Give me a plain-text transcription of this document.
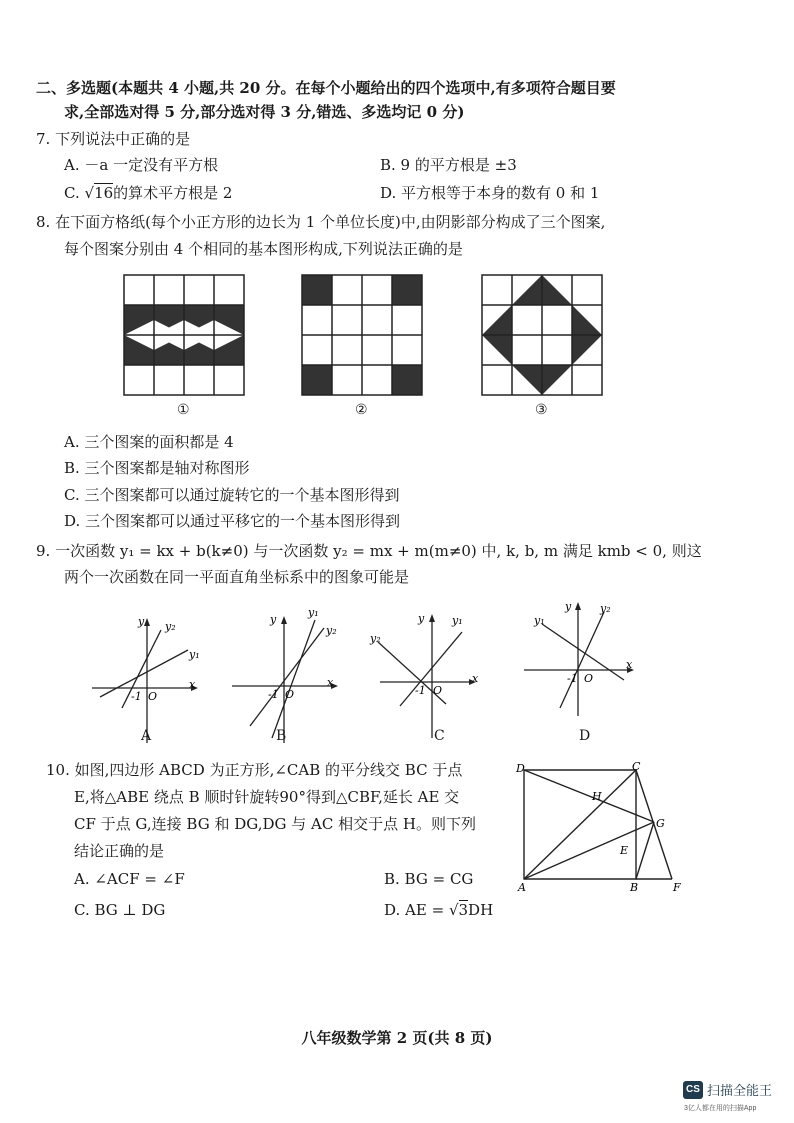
二、多选题(本题共 4 小题,共 20 分。在每个小题给出的四个选项中,有多项符合题目要
求,全部选对得 5 分,部分选对得 3 分,错选、多选均记 0 分)
7. 下列说法中正确的是
A. －a 一定没有平方根	B. 9 的平方根是 ±3
C. √16的算术平方根是 2	D. 平方根等于本身的数有 0 和 1
8. 在下面方格纸(每个小正方形的边长为 1 个单位长度)中,由阴影部分构成了三个图案,
每个图案分别由 4 个相同的基本图形构成,下列说法正确的是
①	②	③
A. 三个图案的面积都是 4
B. 三个图案都是轴对称图形
C. 三个图案都可以通过旋转它的一个基本图形得到
D. 三个图案都可以通过平移它的一个基本图形得到
9. 一次函数 y₁ = kx + b(k≠0) 与一次函数 y₂ = mx + m(m≠0) 中, k, b, m 满足 kmb < 0, 则这
两个一次函数在同一平面直角坐标系中的图象可能是
y y₂
y₁
x
-1 O
A
y
y₁
y₂
x
-1 O
B
y₂
y	y₁
x
-1 O
C
y₁
y	y₂
x
-1 O
D
10. 如图,四边形 ABCD 为正方形,∠CAB 的平分线交 BC 于点
E,将△ABE 绕点 B 顺时针旋转90°得到△CBF,延长 AE 交
CF 于点 G,连接 BG 和 DG,DG 与 AC 相交于点 H。则下列
结论正确的是
A. ∠ACF = ∠F	B. BG = CG
C. BG ⊥ DG	D. AE = √3DH
D	C
H
G
E
A	B	F
八年级数学第 2 页(共 8 页)
CS 扫描全能王
3亿人都在用的扫描App
